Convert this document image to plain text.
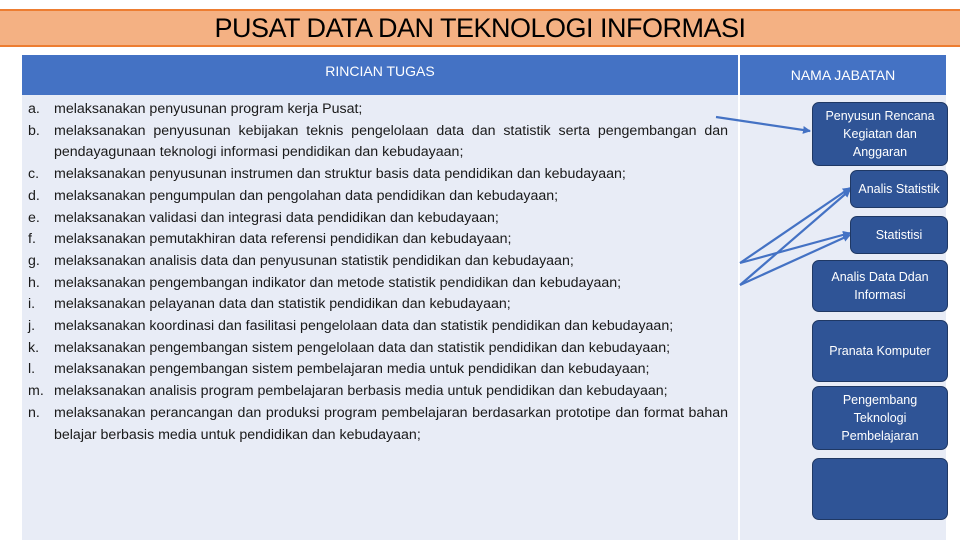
PUSAT DATA DAN TEKNOLOGI INFORMASI
RINCIAN TUGAS	NAMA JABATAN
a. melaksanakan penyusunan program kerja Pusat;
b. melaksanakan penyusunan kebijakan teknis pengelolaan data dan statistik serta pengembangan dan pendayagunaan teknologi informasi pendidikan dan kebudayaan;
c. melaksanakan penyusunan instrumen dan struktur basis data pendidikan dan kebudayaan;
d. melaksanakan pengumpulan dan pengolahan data pendidikan dan kebudayaan;
e. melaksanakan validasi dan integrasi data pendidikan dan kebudayaan;
f. melaksanakan pemutakhiran data referensi pendidikan dan kebudayaan;
g. melaksanakan analisis data dan penyusunan statistik pendidikan dan kebudayaan;
h. melaksanakan pengembangan indikator dan metode statistik pendidikan dan kebudayaan;
i. melaksanakan pelayanan data dan statistik pendidikan dan kebudayaan;
j. melaksanakan koordinasi dan fasilitasi pengelolaan data dan statistik pendidikan dan kebudayaan;
k. melaksanakan pengembangan sistem pengelolaan data dan statistik pendidikan dan kebudayaan;
l. melaksanakan pengembangan sistem pembelajaran media untuk pendidikan dan kebudayaan;
m. melaksanakan analisis program pembelajaran berbasis media untuk pendidikan dan kebudayaan;
n. melaksanakan perancangan dan produksi program pembelajaran berdasarkan prototipe dan format bahan belajar berbasis media untuk pendidikan dan kebudayaan;
Penyusun Rencana Kegiatan dan Anggaran
Analis Statistik
Statistisi
Analis Data Ddan Informasi
Pranata Komputer
Pengembang Teknologi Pembelajaran
